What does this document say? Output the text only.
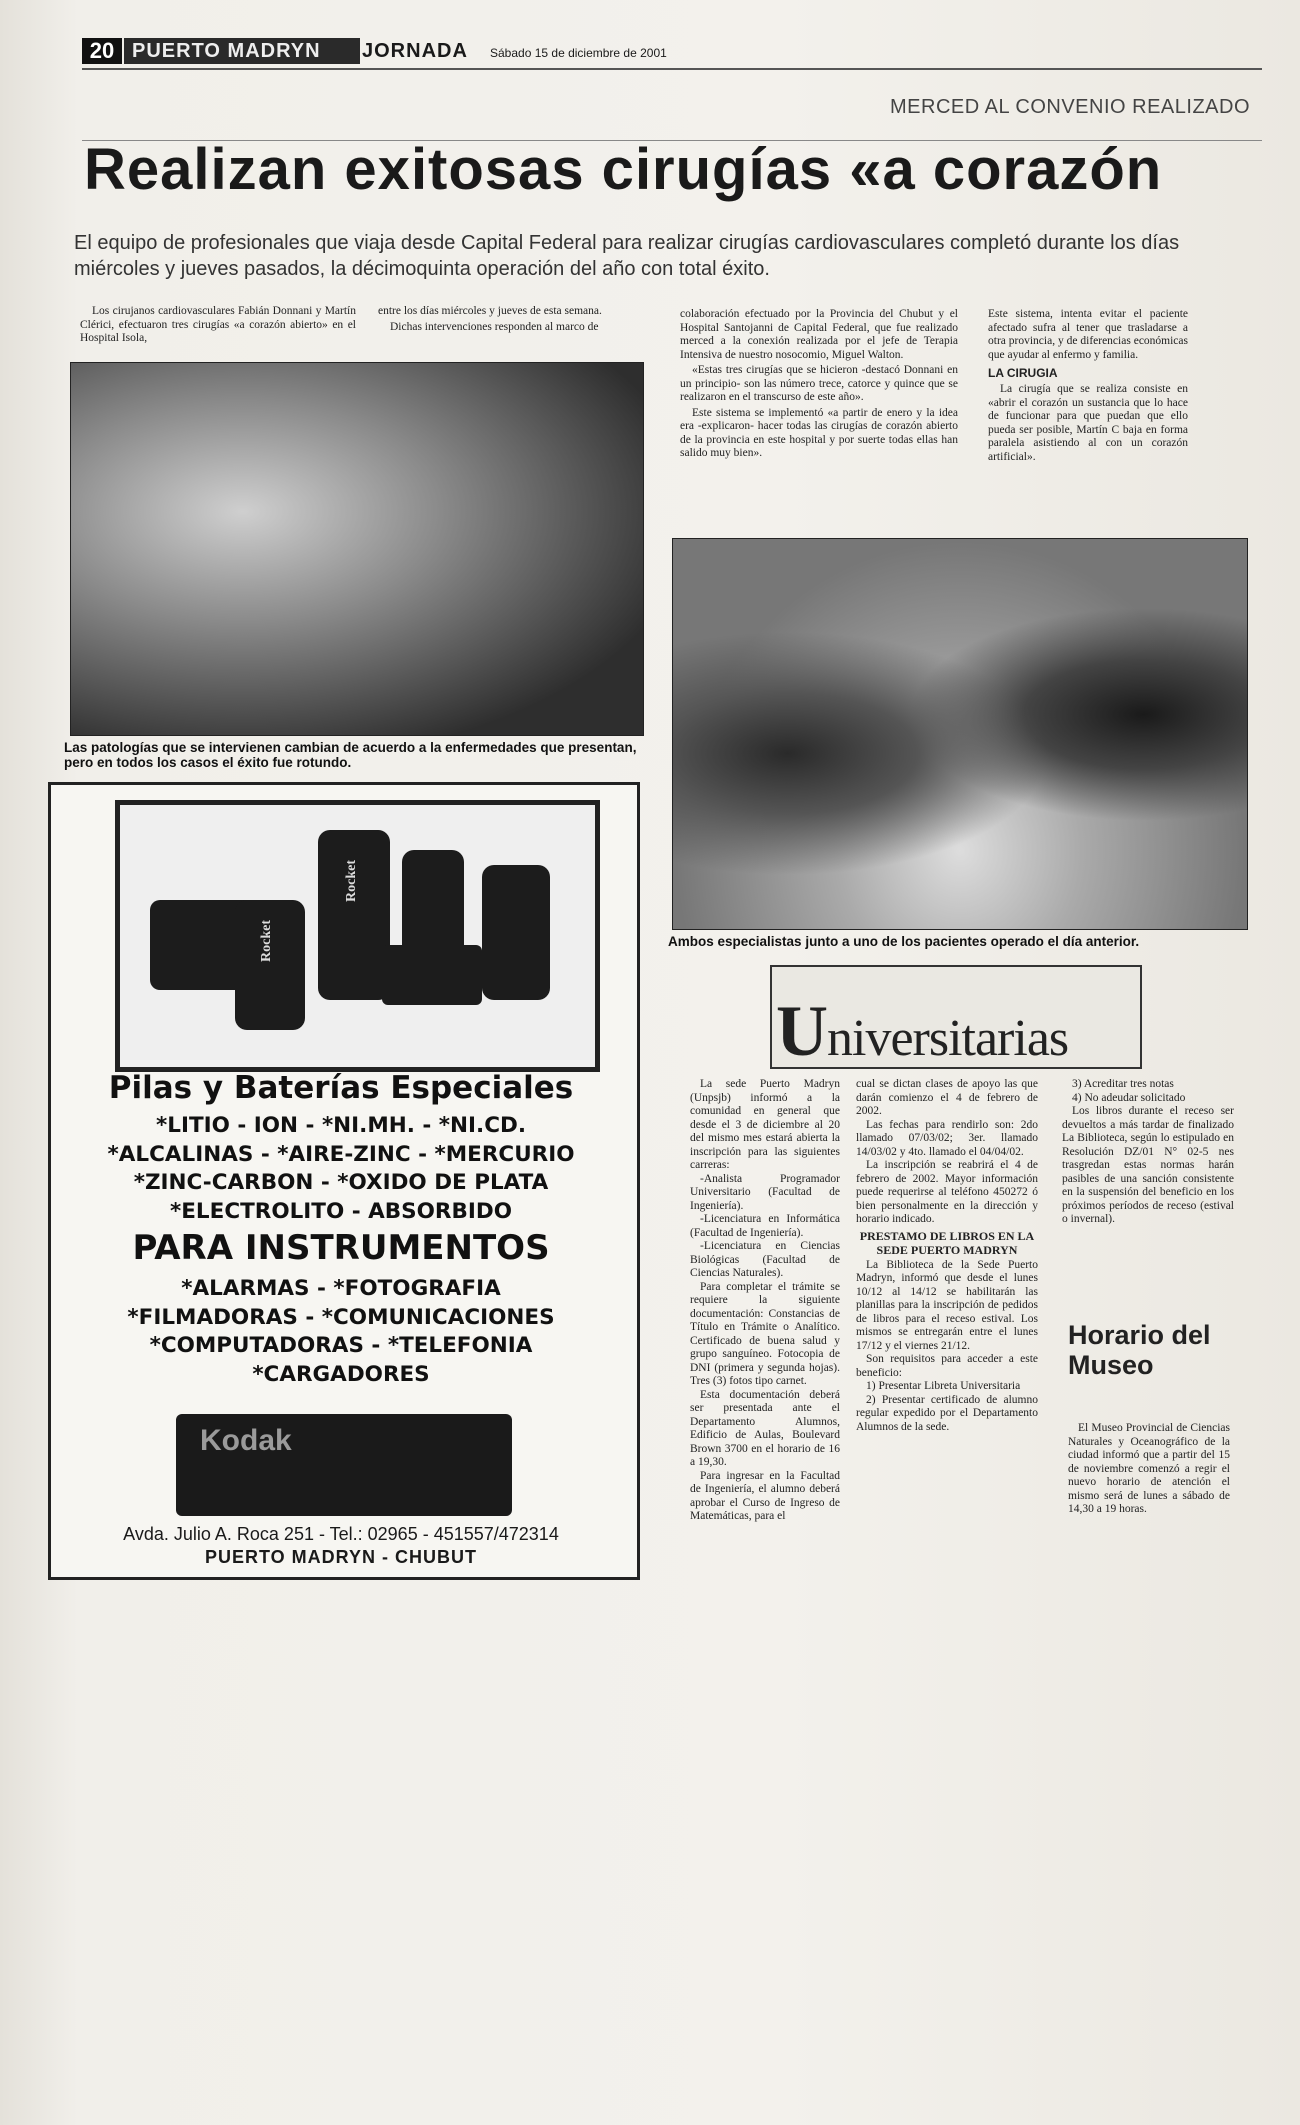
20 PUERTO MADRYN	JORNADA Sábado 15 de diciembre de 2001
MERCED AL CONVENIO REALIZADO
Realizan exitosas cirugías «a corazón
El equipo de profesionales que viaja desde Capital Federal para realizar cirugías cardiovasculares completó durante los días miércoles y jueves pasados, la décimoquinta operación del año con total éxito.

Los cirujanos cardiovasculares Fabián Donnani y Martín Clérici, efectuaron tres cirugías «a corazón abierto» en el Hospital Isola,

entre los días miércoles y jueves de esta semana.

Dichas intervenciones responden al marco de

Las patologías que se intervienen cambian de acuerdo a la enfermedades que presentan, pero en todos los casos el éxito fue rotundo.

colaboración efectuado por la Provincia del Chubut y el Hospital Santojanni de Capital Federal, que fue realizado merced a la conexión realizada por el jefe de Terapia Intensiva de nuestro nosocomio, Miguel Walton.

«Estas tres cirugías que se hicieron -destacó Donnani en un principio- son las número trece, catorce y quince que se realizaron en el transcurso de este año».

Este sistema se implementó «a partir de enero y la idea era -explicaron- hacer todas las cirugías de corazón abierto de la provincia en este hospital y por suerte todas ellas han salido muy bien».

Este sistema, intenta evitar el paciente afectado sufra al tener que trasladarse a otra provincia, y de diferencias económicas que ayudar al enfermo y familia.

LA CIRUGIA

La cirugía que se realiza consiste en «abrir el corazón un sustancia que lo hace de funcionar para que puedan que ello pueda ser posible, Martín C baja en forma paralela asistiendo al con un corazón artificial».

Ambos especialistas junto a uno de los pacientes operado el día anterior.
Rocket
Rocket
Pilas y Baterías Especiales
*LITIO - ION - *NI.MH. - *NI.CD.
*ALCALINAS - *AIRE-ZINC - *MERCURIO
*ZINC-CARBON - *OXIDO DE PLATA
*ELECTROLITO - ABSORBIDO
PARA INSTRUMENTOS
*ALARMAS - *FOTOGRAFIA
*FILMADORAS - *COMUNICACIONES
*COMPUTADORAS - *TELEFONIA
*CARGADORES
Kodak
Avda. Julio A. Roca 251 - Tel.: 02965 - 451557/472314
PUERTO MADRYN - CHUBUT
Universitarias

La sede Puerto Madryn (Unpsjb) informó a la comunidad en general que desde el 3 de diciembre al 20 del mismo mes estará abierta la inscripción para las siguientes carreras:

-Analista Programador Universitario (Facultad de Ingeniería).

-Licenciatura en Informática (Facultad de Ingeniería).

-Licenciatura en Ciencias Biológicas (Facultad de Ciencias Naturales).

Para completar el trámite se requiere la siguiente documentación: Constancias de Título en Trámite o Analítico. Certificado de buena salud y grupo sanguíneo. Fotocopia de DNI (primera y segunda hojas). Tres (3) fotos tipo carnet.

Esta documentación deberá ser presentada ante el Departamento Alumnos, Edificio de Aulas, Boulevard Brown 3700 en el horario de 16 a 19,30.

Para ingresar en la Facultad de Ingeniería, el alumno deberá aprobar el Curso de Ingreso de Matemáticas, para el

cual se dictan clases de apoyo las que darán comienzo el 4 de febrero de 2002.

Las fechas para rendirlo son: 2do llamado 07/03/02; 3er. llamado 14/03/02 y 4to. llamado el 04/04/02.

La inscripción se reabrirá el 4 de febrero de 2002. Mayor información puede requerirse al teléfono 450272 ó bien personalmente en la dirección y horario indicado.

PRESTAMO DE LIBROS EN LA SEDE PUERTO MADRYN

La Biblioteca de la Sede Puerto Madryn, informó que desde el lunes 10/12 al 14/12 se habilitarán las planillas para la inscripción de pedidos de libros para el receso estival. Los mismos se entregarán entre el lunes 17/12 y el viernes 21/12.

Son requisitos para acceder a este beneficio:

1) Presentar Libreta Universitaria

2) Presentar certificado de alumno regular expedido por el Departamento Alumnos de la sede.

3) Acreditar tres notas

4) No adeudar solicitado

Los libros durante el receso ser devueltos a más tardar de finalizado La Biblioteca, según lo estipulado en Resolución DZ/01 N° 02-5 nes trasgredan estas normas harán pasibles de una sanción consistente en la suspensión del beneficio en los próximos períodos de receso (estival o invernal).

Horario del Museo

El Museo Provincial de Ciencias Naturales y Oceanográfico de la ciudad informó que a partir del 15 de noviembre comenzó a regir el nuevo horario de atención el mismo será de lunes a sábado de 14,30 a 19 horas.
